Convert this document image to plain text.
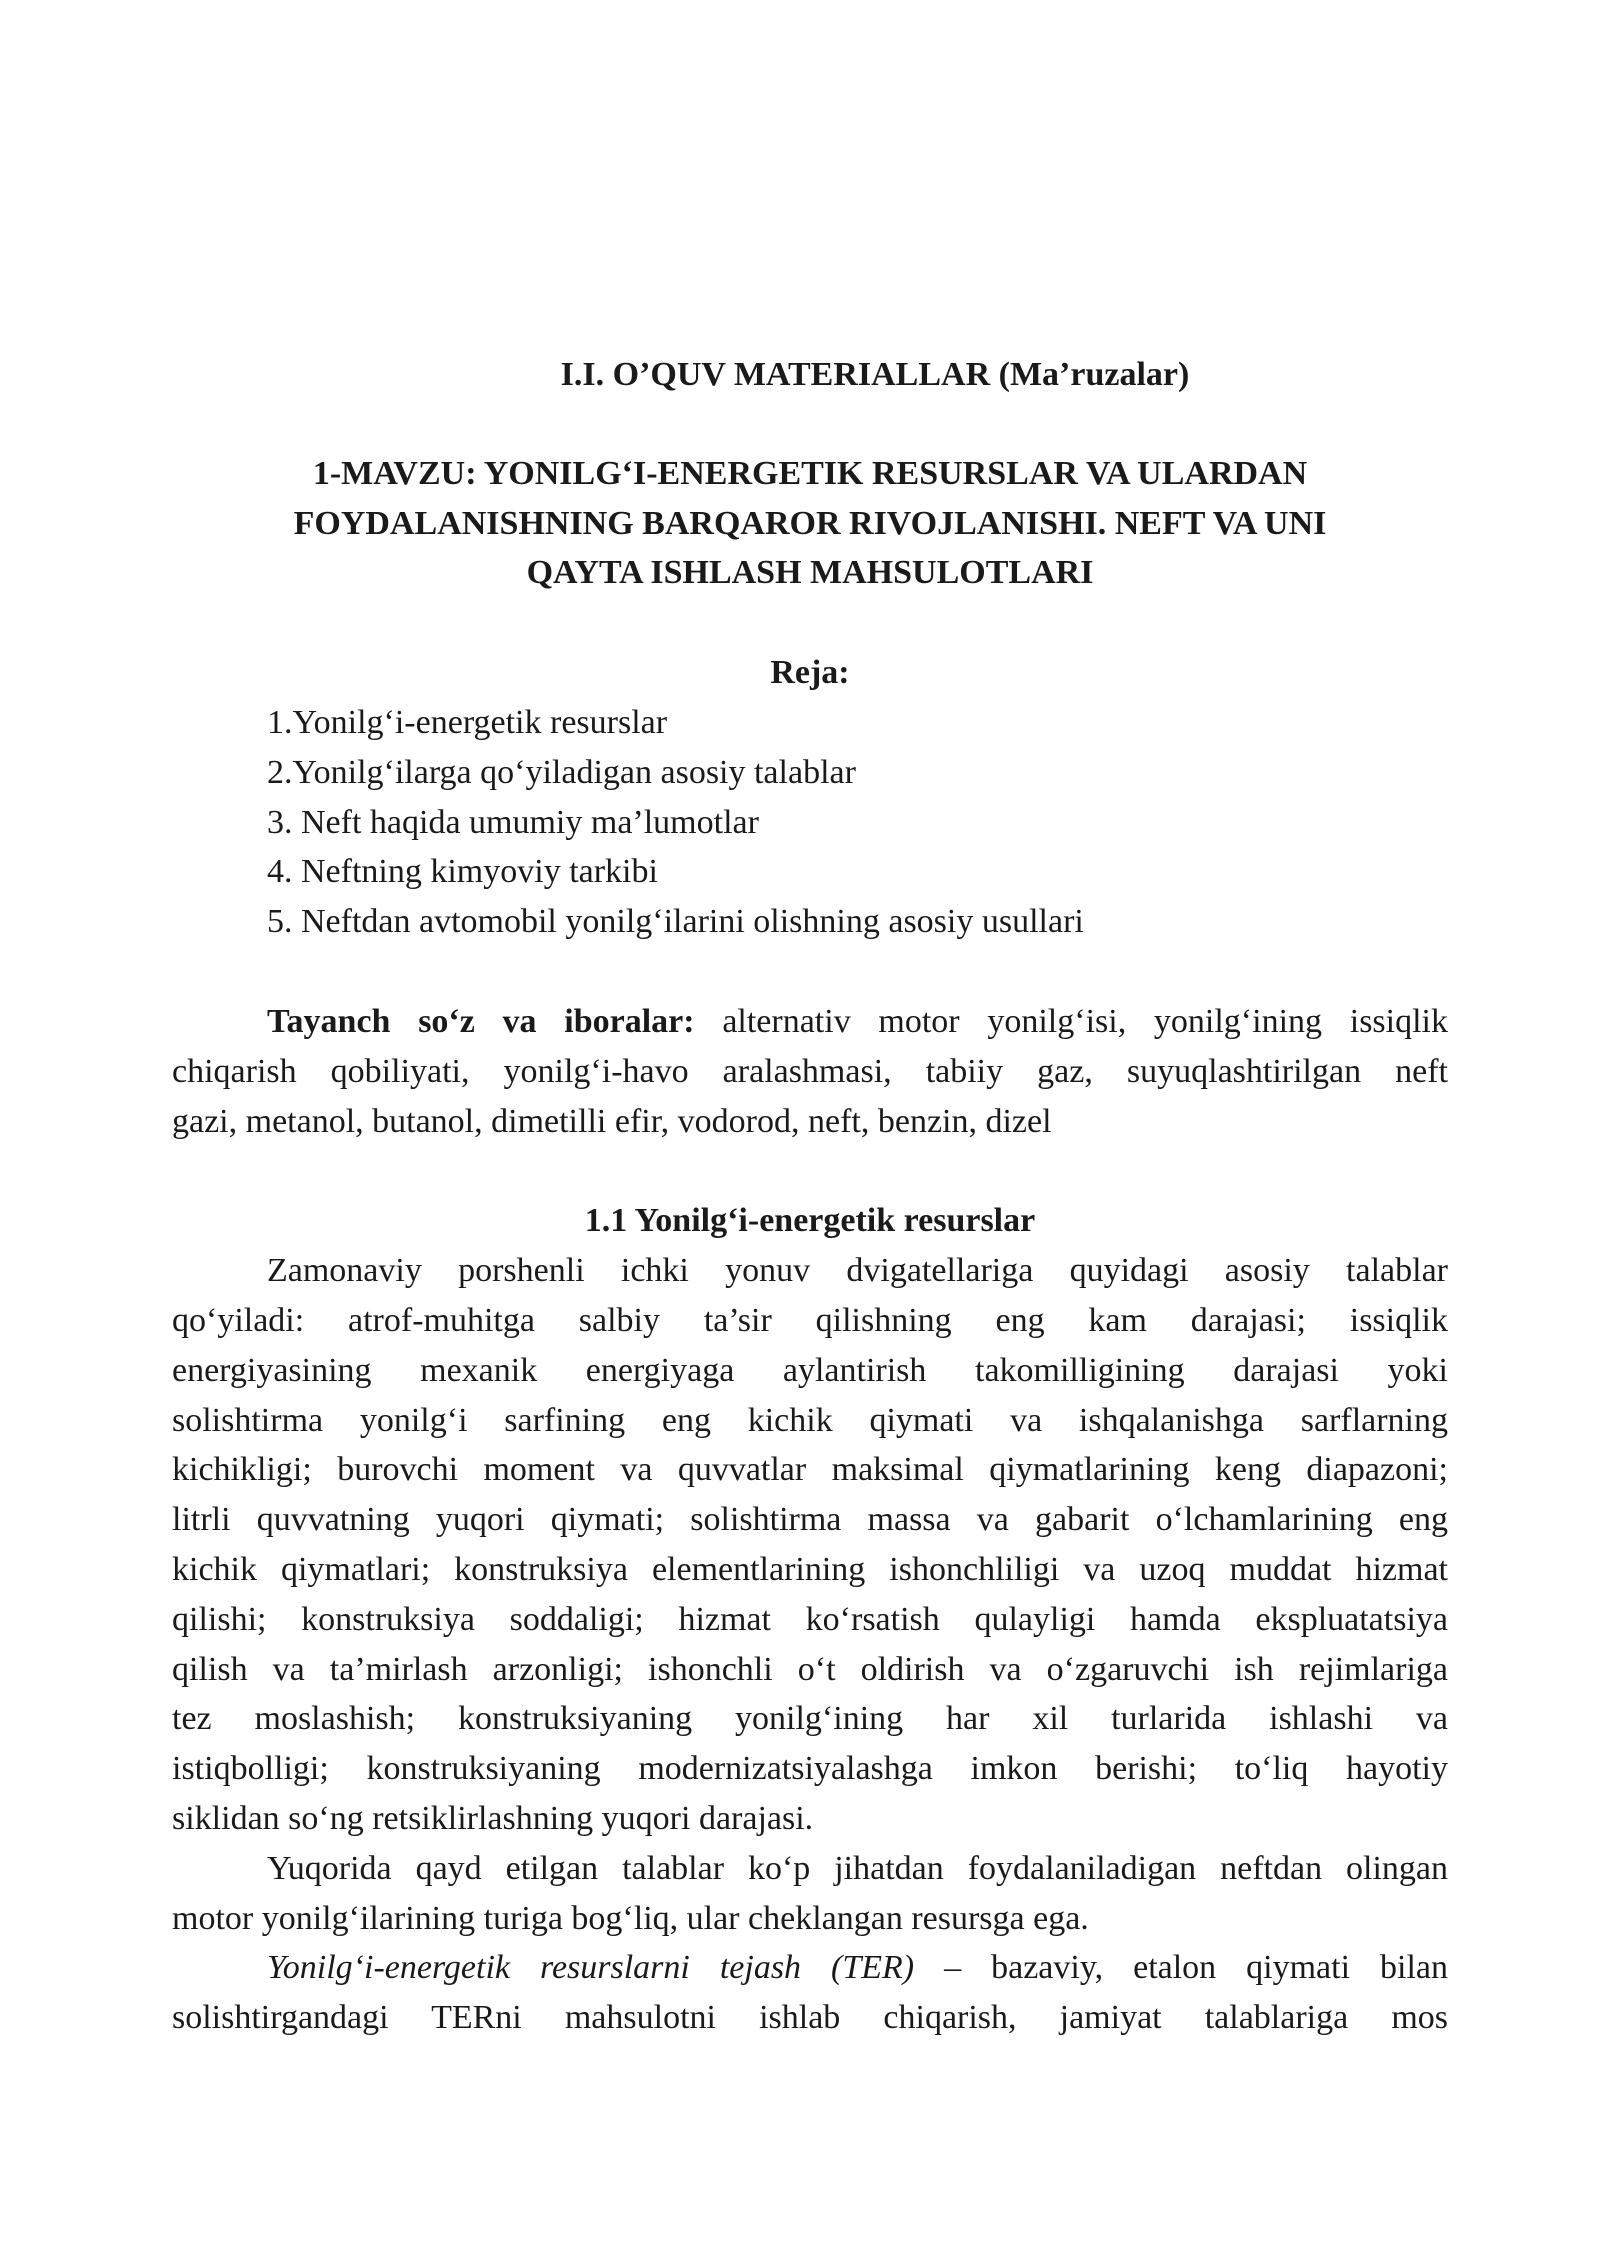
I.I. O’QUV MATERIALLAR (Ma’ruzalar)

1-MAVZU: YONILG‘I-ENERGETIK RESURSLAR VA ULARDAN
FOYDALANISHNING BARQAROR RIVOJLANISHI. NEFT VA UNI
QAYTA ISHLASH MAHSULOTLARI

Reja:

1.Yonilg‘i-energetik resurslar
2.Yonilg‘ilarga qo‘yiladigan asosiy talablar
3. Neft haqida umumiy ma’lumotlar
4. Neftning kimyoviy tarkibi
5. Neftdan avtomobil yonilg‘ilarini olishning asosiy usullari
Tayanch so‘z va iboralar: alternativ motor yonilg‘isi, yonilg‘ining issiqlik
chiqarish qobiliyati, yonilg‘i-havo aralashmasi, tabiiy gaz, suyuqlashtirilgan neft
gazi, metanol, butanol, dimetilli efir, vodorod, neft, benzin, dizel

1.1 Yonilg‘i-energetik resurslar

Zamonaviy porshenli ichki yonuv dvigatellariga quyidagi asosiy talablar
qo‘yiladi: atrof-muhitga salbiy ta’sir qilishning eng kam darajasi; issiqlik
energiyasining mexanik energiyaga aylantirish takomilligining darajasi yoki
solishtirma yonilg‘i sarfining eng kichik qiymati va ishqalanishga sarflarning
kichikligi; burovchi moment va quvvatlar maksimal qiymatlarining keng diapazoni;
litrli quvvatning yuqori qiymati; solishtirma massa va gabarit o‘lchamlarining eng
kichik qiymatlari; konstruksiya elementlarining ishonchliligi va uzoq muddat hizmat
qilishi; konstruksiya soddaligi; hizmat ko‘rsatish qulayligi hamda ekspluatatsiya
qilish va ta’mirlash arzonligi; ishonchli o‘t oldirish va o‘zgaruvchi ish rejimlariga
tez moslashish; konstruksiyaning yonilg‘ining har xil turlarida ishlashi va
istiqbolligi; konstruksiyaning modernizatsiyalashga imkon berishi; to‘liq hayotiy
siklidan so‘ng retsiklirlashning yuqori darajasi.
Yuqorida qayd etilgan talablar ko‘p jihatdan foydalaniladigan neftdan olingan
motor yonilg‘ilarining turiga bog‘liq, ular cheklangan resursga ega.
Yonilg‘i-energetik resurslarni tejash (TER) – bazaviy, etalon qiymati bilan
solishtirgandagi TERni mahsulotni ishlab chiqarish, jamiyat talablariga mos
